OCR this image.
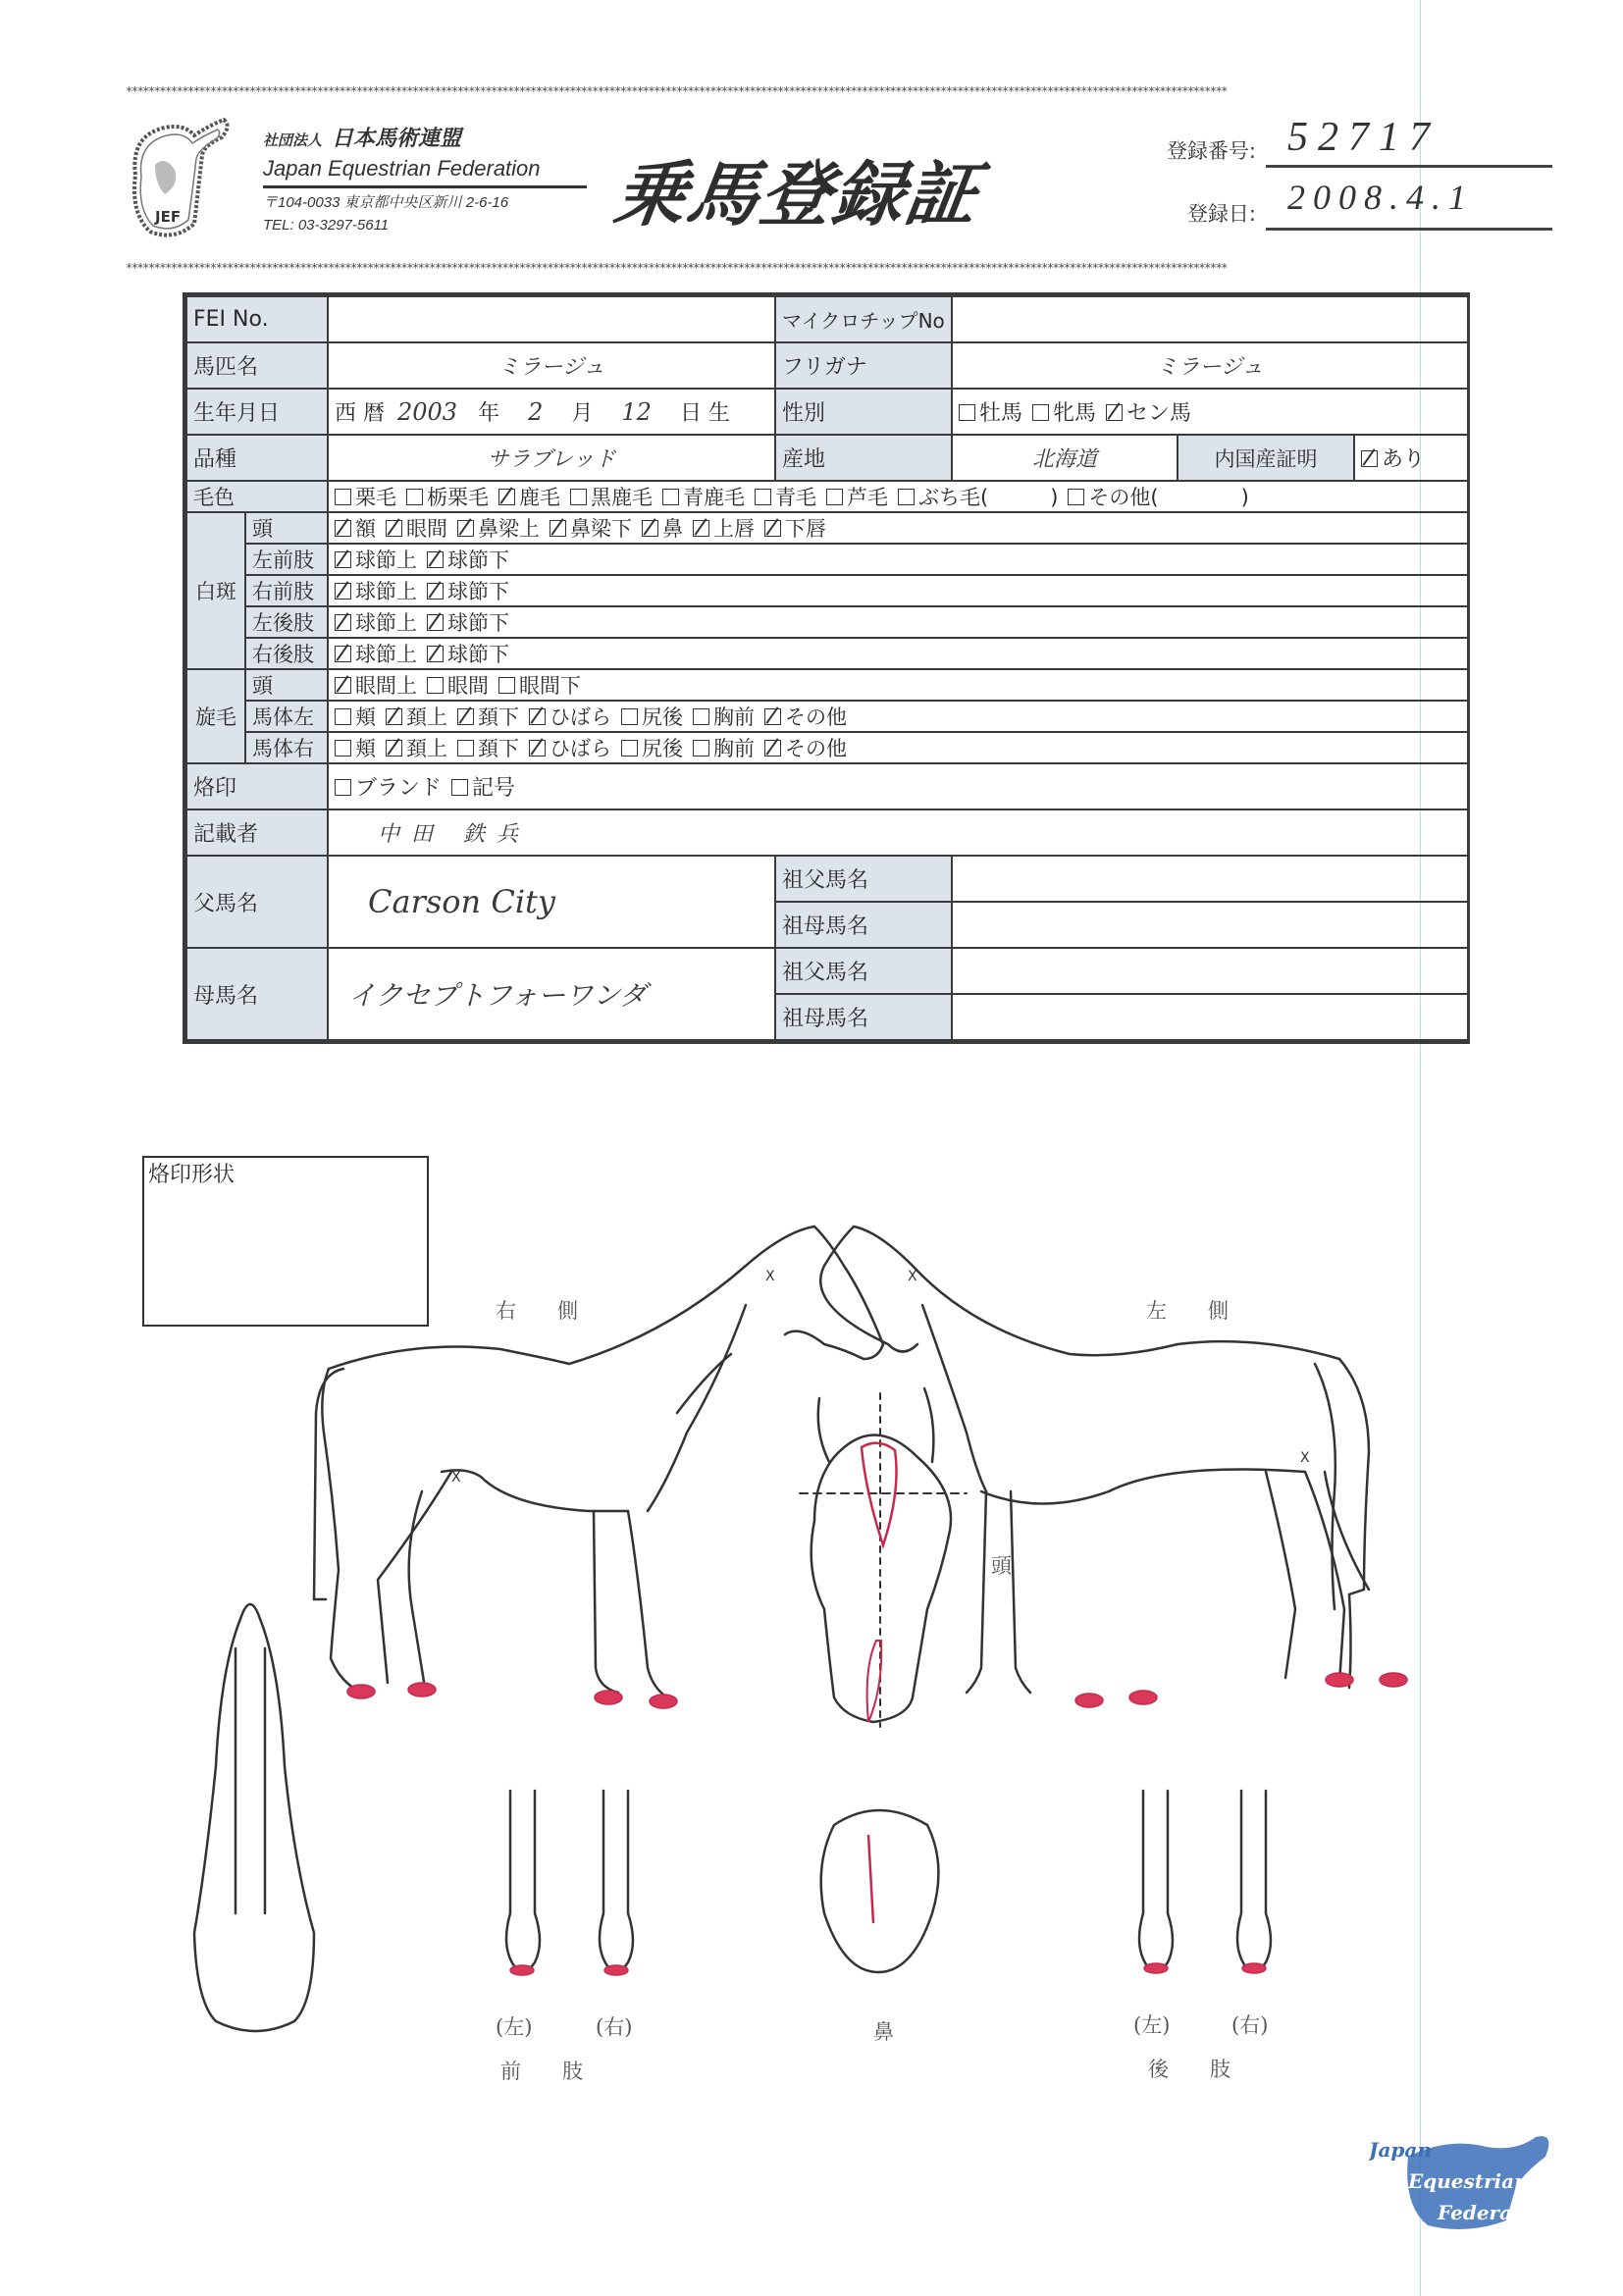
****************************************************************************************************************************************************************************************************
JEF
社団法人 日本馬術連盟
Japan Equestrian Federation
〒104-0033 東京都中央区新川 2-6-16
TEL: 03-3297-5611	乗馬登録証
登録番号: 52717
登録日: 2008.4.1
****************************************************************************************************************************************************************************************************
FEI No.			マイクロチップNo			
馬匹名		ミラージュ	フリガナ	ミラージュ		
生年月日		西 暦 2003 年 2 月 12 日 生	性別	牡馬 牝馬 セン馬		
品種		サラブレッド	産地	北海道	内国産証明	あり
毛色		栗毛 栃栗毛 鹿毛 黒鹿毛 青鹿毛 青毛 芦毛 ぶち毛(　　　) その他(　　　　)				
白斑	頭	額 眼間 鼻梁上 鼻梁下 鼻 上唇 下唇				
	左前肢	球節上 球節下				
	右前肢	球節上 球節下				
	左後肢	球節上 球節下				
	右後肢	球節上 球節下				
旋毛	頭	眼間上 眼間 眼間下				
	馬体左	頬 頚上 頚下 ひばら 尻後 胸前 その他				
	馬体右	頬 頚上 頚下 ひばら 尻後 胸前 その他				
烙印		ブランド 記号				
記載者		中田 鉄兵				
父馬名		Carson City	祖父馬名			
			祖母馬名			
母馬名		イクセプトフォーワンダ	祖父馬名			
			祖母馬名			
烙印形状
右　　側	左　　側
頭
鼻
(左)	(右)
前　　肢
(左)	(右)
後　　肢
X
X
X
X
Japan
Equestrian
Federation
